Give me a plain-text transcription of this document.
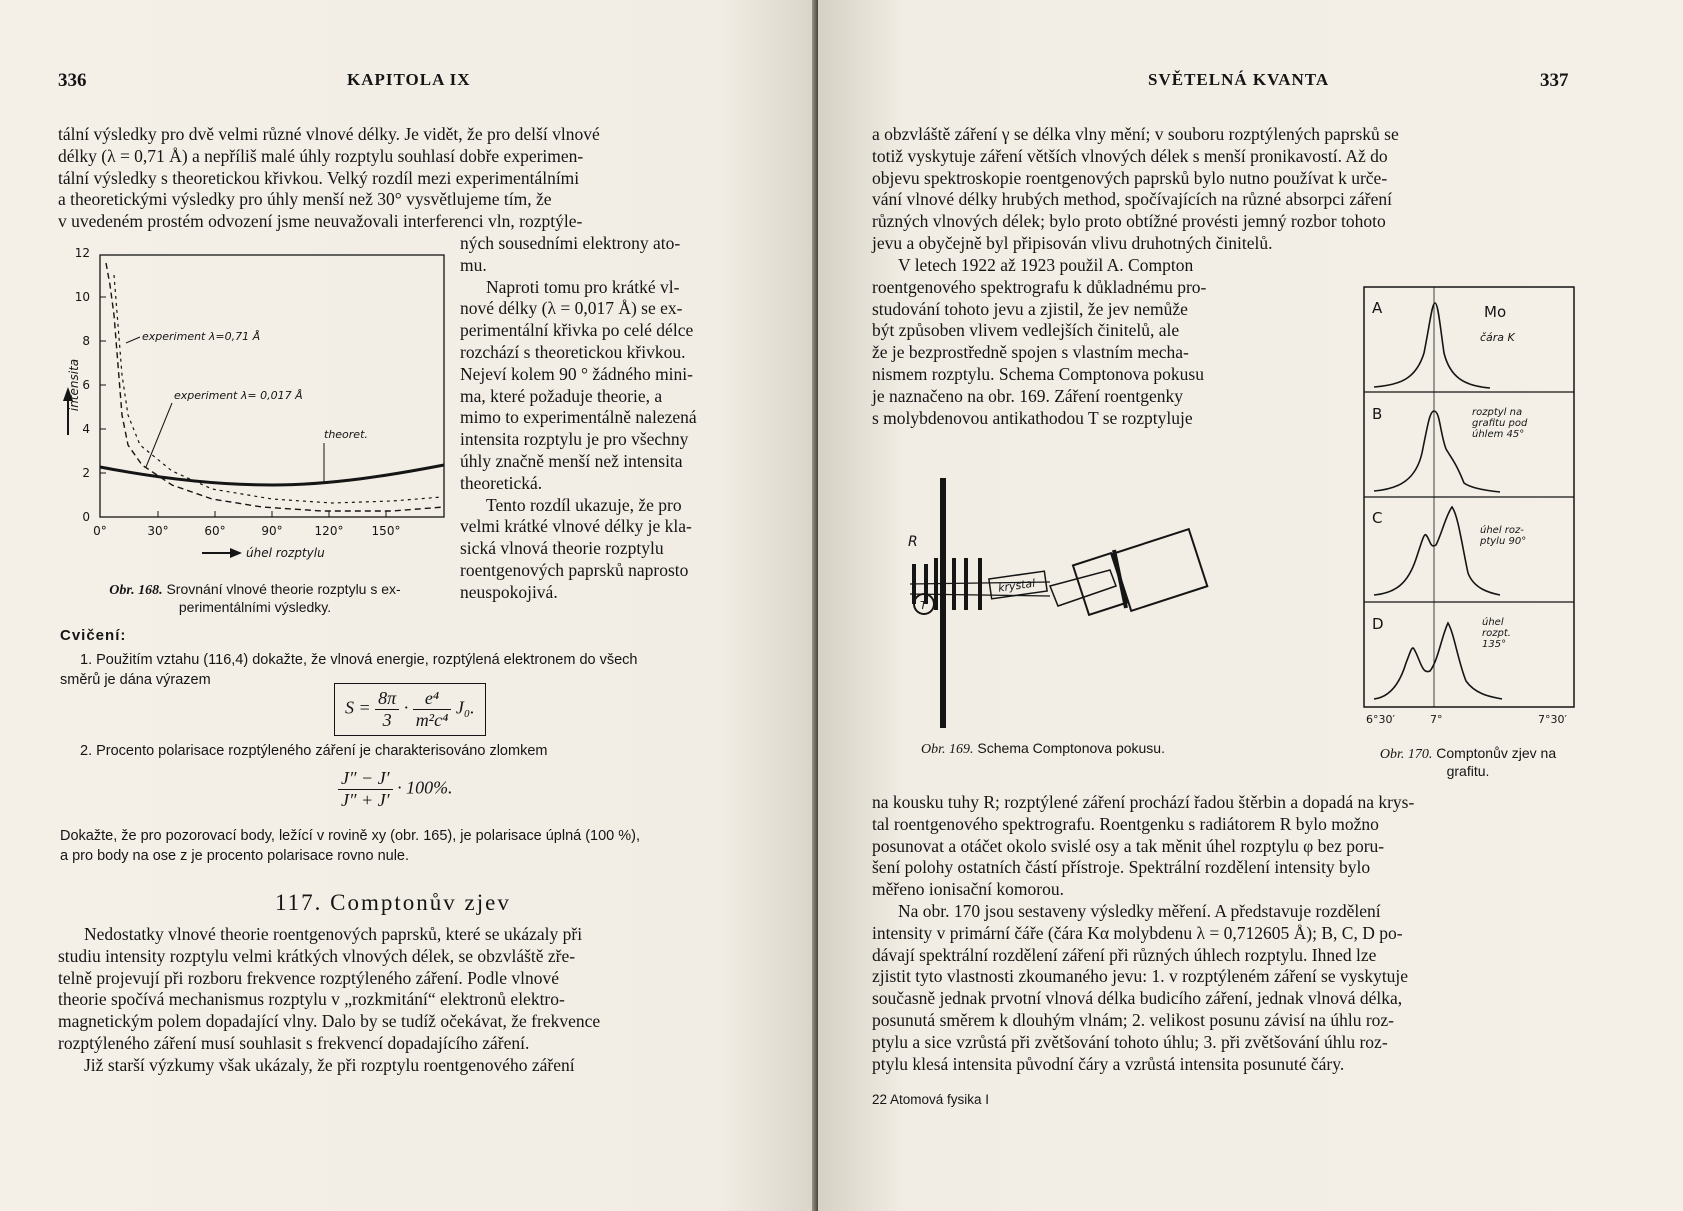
336	KAPITOLA IX

tální výsledky pro dvě velmi různé vlnové délky. Je vidět, že pro delší vlnové

délky (λ = 0,71 Å) a nepříliš malé úhly rozptylu souhlasí dobře experimen-

tální výsledky s theoretickou křivkou. Velký rozdíl mezi experimentálními

a theoretickými výsledky pro úhly menší než 30° vysvětlujeme tím, že

v uvedeném prostém odvození jsme neuvažovali interferenci vln, rozptýle-

ných sousedními elektrony ato-

mu.

Naproti tomu pro krátké vl-

nové délky (λ = 0,017 Å) se ex-

perimentální křivka po celé délce

rozchází s theoretickou křivkou.

Nejeví kolem 90 ° žádného mini-

ma, které požaduje theorie, a

mimo to experimentálně nalezená

intensita rozptylu je pro všechny

úhly značně menší než intensita

theoretická.

Tento rozdíl ukazuje, že pro

velmi krátké vlnové délky je kla-

sická vlnová theorie rozptylu

roentgenových paprsků naprosto

neuspokojivá.

0
2
4
6
8
10
12
0°	30°	60°	90°	120° 150°
úhel rozptylu
intensita
experiment λ=0,71 Å
experiment λ= 0,017 Å
theoret.
Obr. 168. Srovnání vlnové theorie rozptylu s ex-
perimentálními výsledky.
Cvičení:
1. Použitím vztahu (116,4) dokažte, že vlnová energie, rozptýlená elektronem do všech
směrů je dána výrazem
$S = \frac{8\pi}{3} \cdot \frac{\text{e⁴}}{\text{m²c⁴}} J_0$.
2. Procento polarisace rozptýleného záření je charakterisováno zlomkem
$\frac{J'' - J'}{J'' + J'} \cdot 100\%$.
Dokažte, že pro pozorovací body, ležící v rovině xy (obr. 165), je polarisace úplná (100 %),
a pro body na ose z je procento polarisace rovno nule.
117. Comptonův zjev

Nedostatky vlnové theorie roentgenových paprsků, které se ukázaly při

studiu intensity rozptylu velmi krátkých vlnových délek, se obzvláště zře-

telně projevují při rozboru frekvence rozptýleného záření. Podle vlnové

theorie spočívá mechanismus rozptylu v „rozkmitání“ elektronů elektro-

magnetickým polem dopadající vlny. Dalo by se tudíž očekávat, že frekvence

rozptýleného záření musí souhlasit s frekvencí dopadajícího záření.

Již starší výzkumy však ukázaly, že při rozptylu roentgenového záření

SVĚTELNÁ KVANTA	337

a obzvláště záření γ se délka vlny mění; v souboru rozptýlených paprsků se

totiž vyskytuje záření větších vlnových délek s menší pronikavostí. Až do

objevu spektroskopie roentgenových paprsků bylo nutno používat k urče-

vání vlnové délky hrubých method, spočívajících na různé absorpci záření

různých vlnových délek; bylo proto obtížné provésti jemný rozbor tohoto

jevu a obyčejně byl připisován vlivu druhotných činitelů.

V letech 1922 až 1923 použil A. Compton

roentgenového spektrografu k důkladnému pro-

studování tohoto jevu a zjistil, že jev nemůže

být způsoben vlivem vedlejších činitelů, ale

že je bezprostředně spojen s vlastním mecha-

nismem rozptylu. Schema Comptonova pokusu

je naznačeno na obr. 169. Záření roentgenky

s molybdenovou antikathodou T se rozptyluje

R
T
krystal
Obr. 169. Schema Comptonova pokusu.
A
B
C
D
Mo
čára K
rozptyl na
grafitu pod
úhlem 45°
úhel roz-
ptylu 90°
úhel
rozpt.
135°
6°30′	7°	7°30′
Obr. 170. Comptonův zjev na
grafitu.

na kousku tuhy R; rozptýlené záření prochází řadou štěrbin a dopadá na krys-

tal roentgenového spektrografu. Roentgenku s radiátorem R bylo možno

posunovat a otáčet okolo svislé osy a tak měnit úhel rozptylu φ bez poru-

šení polohy ostatních částí přístroje. Spektrální rozdělení intensity bylo

měřeno ionisační komorou.

Na obr. 170 jsou sestaveny výsledky měření. A představuje rozdělení

intensity v primární čáře (čára Kα molybdenu λ = 0,712605 Å); B, C, D po-

dávají spektrální rozdělení záření při různých úhlech rozptylu. Ihned lze

zjistit tyto vlastnosti zkoumaného jevu: 1. v rozptýleném záření se vyskytuje

současně jednak prvotní vlnová délka budicího záření, jednak vlnová délka,

posunutá směrem k dlouhým vlnám; 2. velikost posunu závisí na úhlu roz-

ptylu a sice vzrůstá při zvětšování tohoto úhlu; 3. při zvětšování úhlu roz-

ptylu klesá intensita původní čáry a vzrůstá intensita posunuté čáry.

22 Atomová fysika I
